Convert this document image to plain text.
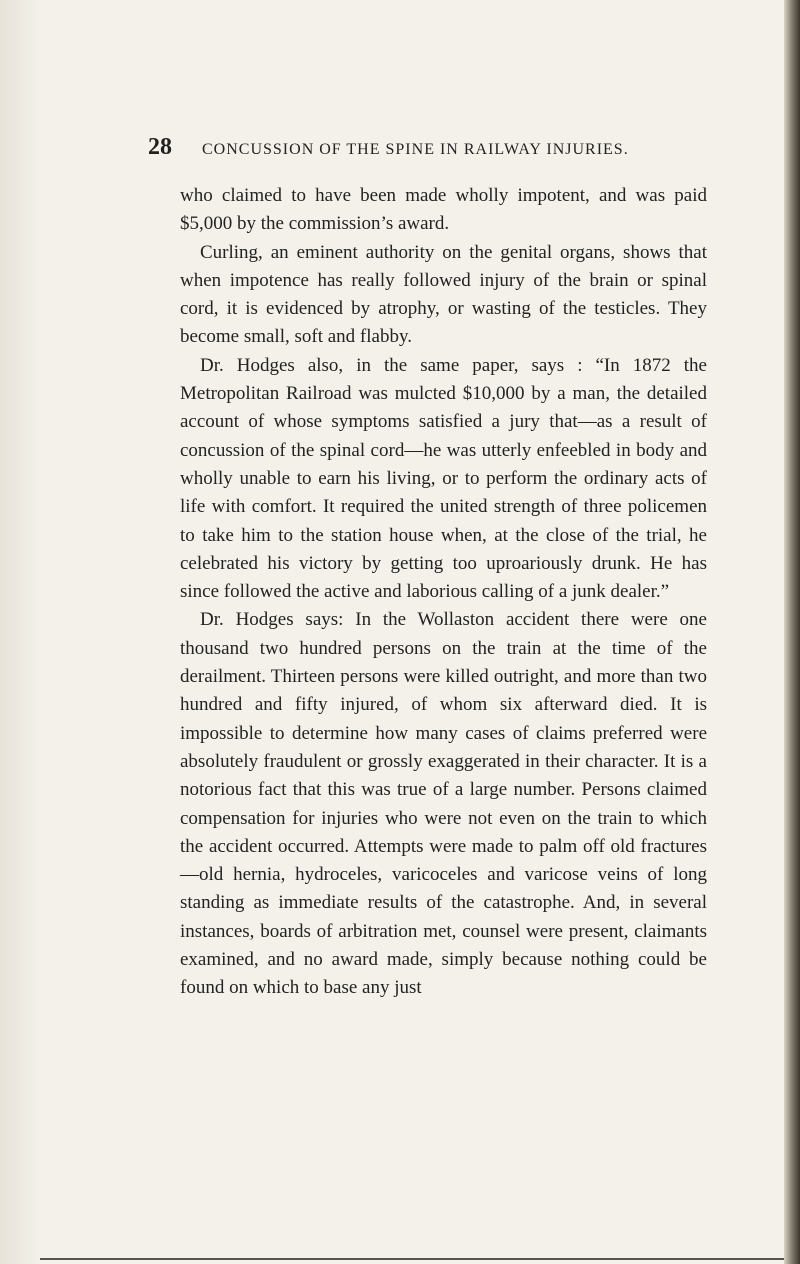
28 CONCUSSION OF THE SPINE IN RAILWAY INJURIES.

who claimed to have been made wholly impotent, and was paid $5,000 by the commission’s award.

Curling, an eminent authority on the genital organs, shows that when impotence has really followed injury of the brain or spinal cord, it is evidenced by atrophy, or wasting of the testicles. They become small, soft and flabby.

Dr. Hodges also, in the same paper, says : “In 1872 the Metropolitan Railroad was mulcted $10,000 by a man, the detailed account of whose symptoms satisfied a jury that—as a result of concussion of the spinal cord—he was utterly enfeebled in body and wholly unable to earn his living, or to perform the ordinary acts of life with comfort. It required the united strength of three policemen to take him to the station house when, at the close of the trial, he celebrated his victory by getting too uproariously drunk. He has since followed the active and laborious calling of a junk dealer.”

Dr. Hodges says: In the Wollaston accident there were one thousand two hundred persons on the train at the time of the derailment. Thirteen persons were killed outright, and more than two hundred and fifty injured, of whom six afterward died. It is impossible to determine how many cases of claims preferred were absolutely fraudulent or grossly exaggerated in their character. It is a notorious fact that this was true of a large number. Persons claimed compensation for injuries who were not even on the train to which the accident occurred. Attempts were made to palm off old fractures —old hernia, hydroceles, varicoceles and varicose veins of long standing as immediate results of the catastrophe. And, in several instances, boards of arbitration met, counsel were present, claimants examined, and no award made, simply because nothing could be found on which to base any just
